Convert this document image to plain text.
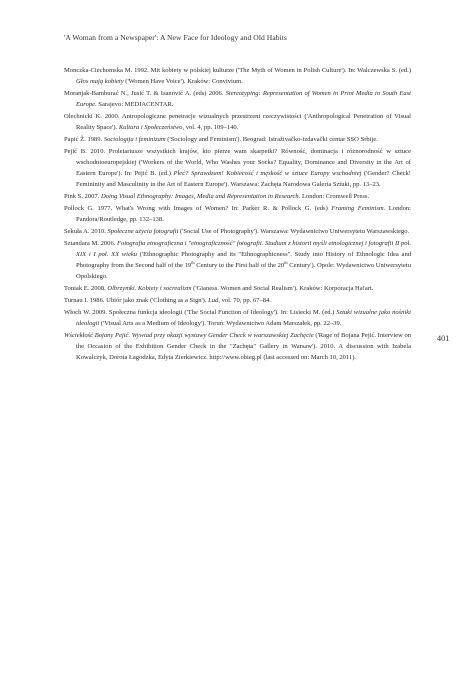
'A Woman from a Newspaper': A New Face for Ideology and Old Habits
Monczka-Ciechomska M. 1992. Mit kobiety w polskiej kulturze ('The Myth of Women in Polish Culture'). In: Walczewska S. (ed.) Głos mają kobiety ('Women Have Voice'). Kraków: Convivium.
Moranjak-Bamburać N., Jusić T. & Isanović A. (eds) 2006. Stereotyping: Representation of Women in Print Media in South East Europe. Sarajevo: MEDIACENTAR.
Olechnicki K. 2000. Antropologiczne penetracje wizualnych przestrzeni rzeczywistości ('Anthropological Penetration of Visual Reality Space'). Kultura i Społeczeństwo, vol. 4, pp. 109–140.
Papić Ž. 1989. Sociologija i feminizam ('Sociology and Feminism'). Beograd: Istraživačko-izdavački centar SSO Srbije.
Pejić B. 2010. Proletariusze wszystkich krajów, kto pierze wam skarpetki? Równość, dominacja i różnorodność w sztuce wschodnioeuropejskiej ('Workers of the World, Who Washes your Socks? Equality, Dominance and Diversity in the Art of Eastern Europe'). In: Pejić B. (ed.) Płeć? Sprawdzam! Kobiecość i męskość w sztuce Europy wschodniej ('Gender? Check! Femininity and Masculinity in the Art of Eastern Europe'). Warszawa: Zachęta Narodowa Galeria Sztuki, pp. 13–23.
Pink S. 2007. Doing Visual Ethnography: Images, Media and Representation in Research. London: Cromwell Press.
Pollock G. 1977. What's Wrong with Images of Women? In: Parker R. & Pollock G. (eds) Framing Feminism. London: Pandora/Routledge, pp. 132–138.
Sekuła A. 2010. Społeczne użycia fotografii ('Social Use of Photography'). Warszawa: Wydawnictwo Uniwersytetu Warszawskiego.
Sztandara M. 2006. Fotografia etnograficzna i "etnograficzność" fotografii. Studium z historii myśli etnologicznej i fotografii II poł. XIX i I poł. XX wieku ('Ethnographic Photography and its "Ethnographicness". Study into History of Ethnologic Idea and Photography from the Second half of the 19th Century to the First half of the 20th Century'). Opole: Wydawnictwo Uniwersytetu Opolskiego.
Toniak E. 2008. Olbrzymki. Kobiety i socrealizm ('Gianess. Women and Social Realism'). Kraków: Korporacja Ha!art.
Turnau I. 1986. Ubiór jako znak ('Clothing as a Sign'). Lud, vol. 70, pp. 67–84.
Włoch W. 2009. Społeczna funkcja ideologii ('The Social Function of Ideology'). In: Lisiecki M. (ed.) Sztuki wizualne jako nośniki ideologii ('Visual Arts as a Medium of Ideology'). Toruń: Wydawnictwo Adam Marszałek, pp. 22–39.
Wściekłość Bojany Pejić. Wywiad przy okazji wystawy Gender Check w warszawskiej Zachęcie ('Rage of Bojana Pejić. Interview on the Occasion of the Exhibition Gender Check in the "Zachęta" Gallery in Warsaw'). 2010. A discussion with Izabela Kowalczyk, Dorota Łagodzka, Edyta Zierkiewicz. http://www.obieg.pl (last accessed on: March 10, 2011).
401
